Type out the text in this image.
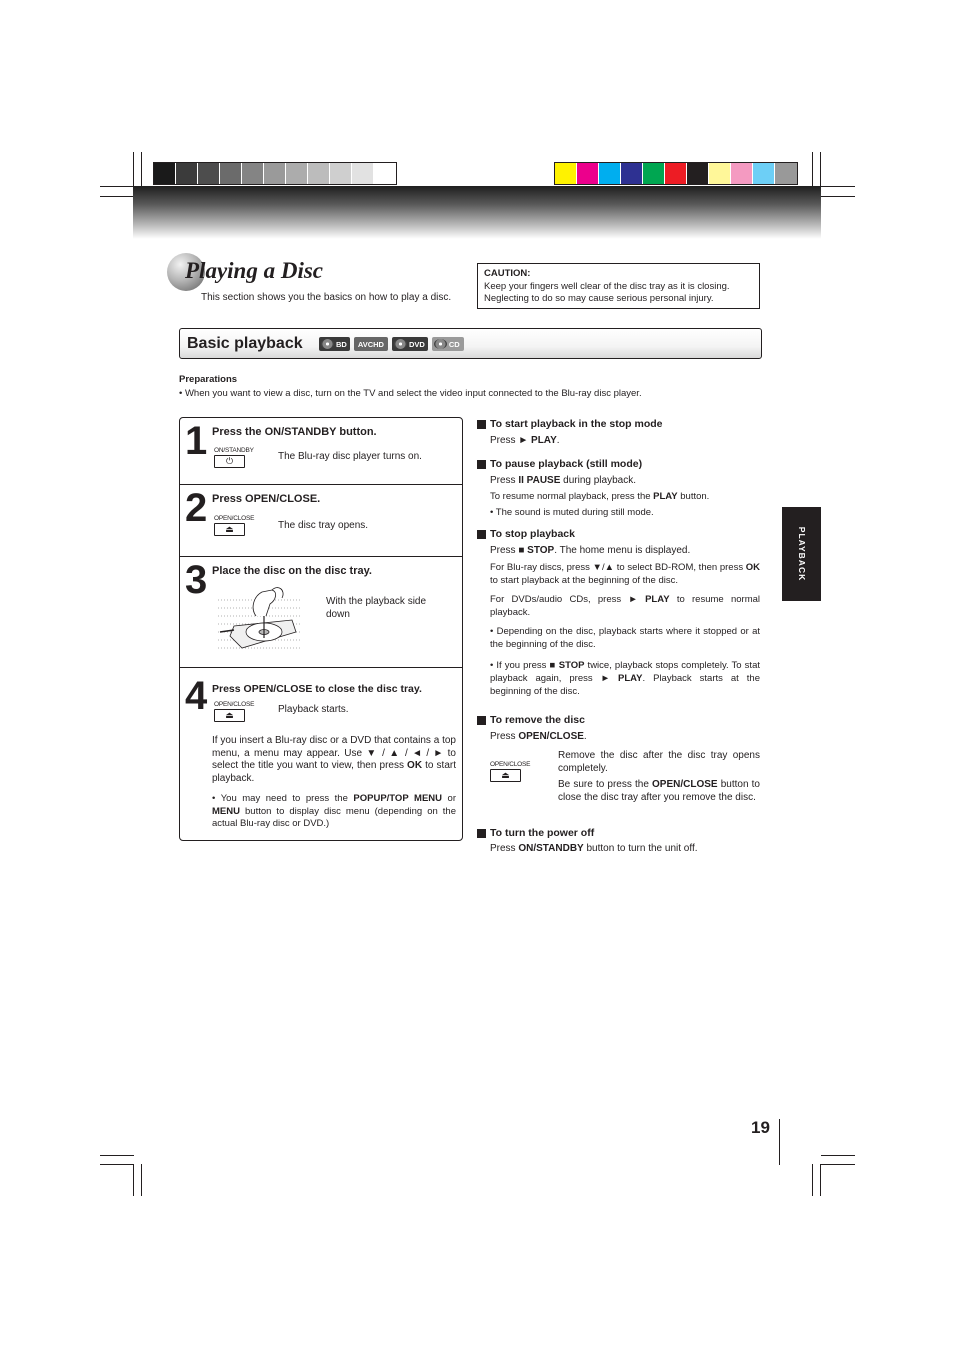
Playing a Disc
This section shows you the basics on how to play a disc.
CAUTION:
Keep your fingers well clear of the disc tray as it is closing.
Neglecting to do so may cause serious personal injury.
Basic playback	BD AVCHD	DVD	CD
Preparations
• When you want to view a disc, turn on the TV and select the video input connected to the Blu-ray disc player.
1 Press the ON/STANDBY button.
ON/STANDBY
⏻	The Blu-ray disc player turns on.
2 Press OPEN/CLOSE.
OPEN/CLOSE
⏏	The disc tray opens.
3 Place the disc on the disc tray.
With the playback side
down
4 Press OPEN/CLOSE to close the disc tray.
OPEN/CLOSE
⏏	Playback starts.
If you insert a Blu-ray disc or a DVD that contains a top menu, a menu may appear. Use ▼ / ▲ / ◄ / ► to select the title you want to view, then press OK to start playback.
• You may need to press the POPUP/TOP MENU or MENU button to display disc menu (depending on the actual Blu-ray disc or DVD.)
To start playback in the stop mode
Press ► PLAY.
To pause playback (still mode)
Press II PAUSE during playback.
To resume normal playback, press the PLAY button.
• The sound is muted during still mode.
To stop playback
Press ■ STOP. The home menu is displayed.
For Blu-ray discs, press ▼/▲ to select BD-ROM, then press OK to start playback at the beginning of the disc.
For DVDs/audio CDs, press ► PLAY to resume normal playback.
• Depending on the disc, playback starts where it stopped or at the beginning of the disc.
• If you press ■ STOP twice, playback stops completely. To stat playback again, press ► PLAY. Playback starts at the beginning of the disc.
To remove the disc
Press OPEN/CLOSE.
OPEN/CLOSE
⏏
Remove the disc after the disc tray opens completely.
Be sure to press the OPEN/CLOSE button to close the disc tray after you remove the disc.
To turn the power off
Press ON/STANDBY button to turn the unit off.
PLAYBACK
19
